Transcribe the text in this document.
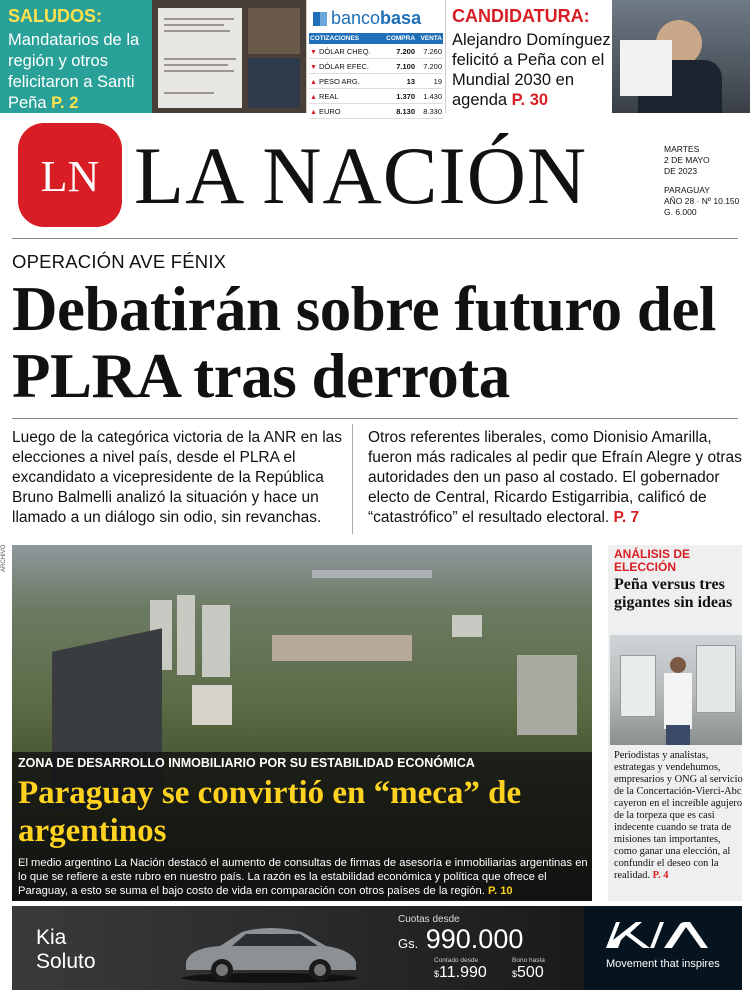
SALUDOS:
Mandatarios de la región y otros felicitaron a Santi Peña P. 2
bancobasa
COTIZACIONES	COMPRA	VENTA
▼ DÓLAR CHEQ.	7.200	7.260
▼ DÓLAR EFEC.	7.100	7.200
▲ PESO ARG.	13	19
▲ REAL	1.370	1.430
▲ EURO	8.130	8.330
CANDIDATURA:
Alejandro Domínguez felicitó a Peña con el Mundial 2030 en agenda P. 30
LN LA NACIÓN	MARTES
2 DE MAYO
DE 2023
PARAGUAY
AÑO 28 · Nº 10.150
G. 6.000
OPERACIÓN AVE FÉNIX
Debatirán sobre futuro del PLRA tras derrota
Luego de la categórica victoria de la ANR en las elecciones a nivel país, desde el PLRA el excandidato a vicepresidente de la República Bruno Balmelli analizó la situación y hace un llamado a un diálogo sin odio, sin revanchas.
Otros referentes liberales, como Dionisio Amarilla, fueron más radicales al pedir que Efraín Alegre y otras autoridades den un paso al costado. El gobernador electo de Central, Ricardo Estigarribia, calificó de “catastrófico” el resultado electoral. P. 7
ARCHIVO
ZONA DE DESARROLLO INMOBILIARIO POR SU ESTABILIDAD ECONÓMICA
Paraguay se convirtió en “meca” de argentinos
El medio argentino La Nación destacó el aumento de consultas de firmas de asesoría e inmobiliarias argentinas en lo que se refiere a este rubro en nuestro país. La razón es la estabilidad económica y política que ofrece el Paraguay, a esto se suma el bajo costo de vida en comparación con otros países de la región. P. 10
ANÁLISIS DE ELECCIÓN
Peña versus tres gigantes sin ideas
Periodistas y analistas, estrategas y vendehumos, empresarios y ONG al servicio de la Concertación-Vierci-Abc cayeron en el increíble agujero de la torpeza que es casi indecente cuando se trata de misiones tan importantes, como ganar una elección, al confundir el deseo con la realidad. P. 4
Kia
Soluto
Cuotas desde
Gs. 990.000
Contado desde	Bono hasta
$11.990	$500
KIA
Movement that inspires
